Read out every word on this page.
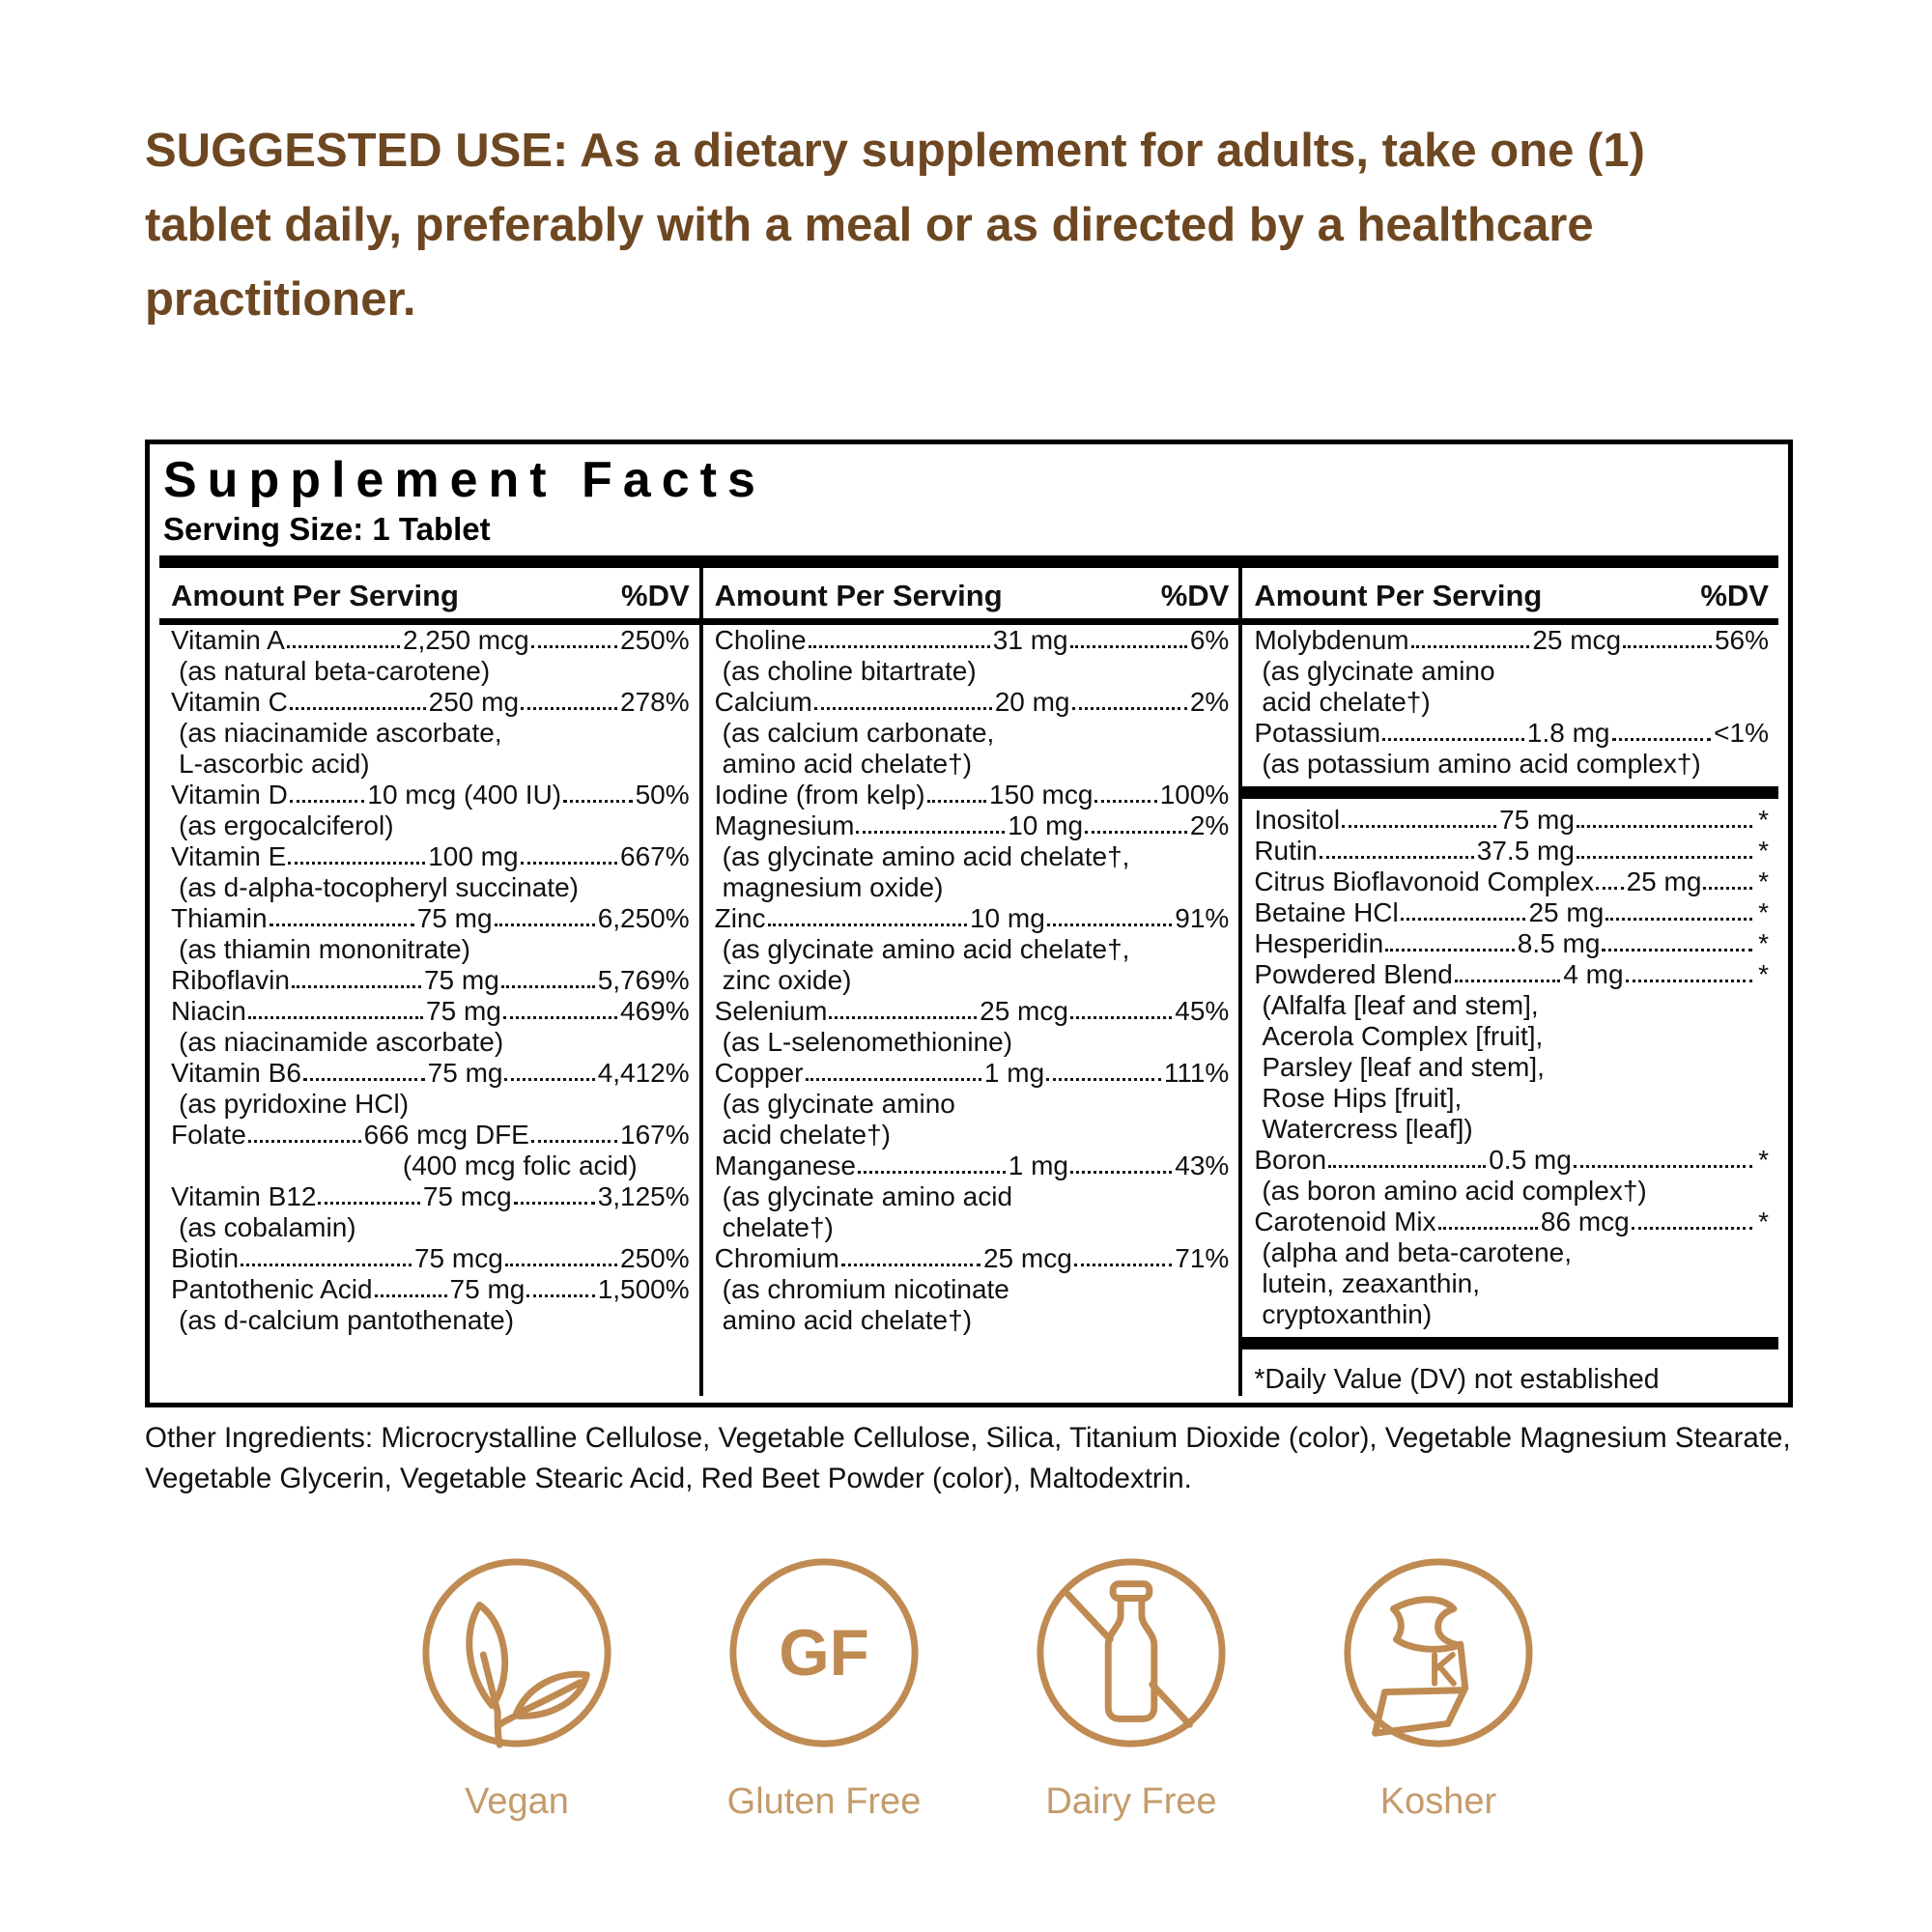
SUGGESTED USE: As a dietary supplement for adults, take one (1) tablet daily, preferably with a meal or as directed by a healthcare practitioner.

Supplement Facts
Serving Size: 1 Tablet
Amount Per Serving	%DV
Vitamin A	2,250 mcg	250%
(as natural beta-carotene)
Vitamin C	250 mg	278%
(as niacinamide ascorbate,
L-ascorbic acid)
Vitamin D	10 mcg (400 IU)	50%
(as ergocalciferol)
Vitamin E	100 mg	667%
(as d-alpha-tocopheryl succinate)
Thiamin	75 mg	6,250%
(as thiamin mononitrate)
Riboflavin	75 mg	5,769%
Niacin	75 mg	469%
(as niacinamide ascorbate)
Vitamin B6	75 mg	4,412%
(as pyridoxine HCl)
Folate	666 mcg DFE	167%
(400 mcg folic acid)
Vitamin B12	75 mcg	3,125%
(as cobalamin)
Biotin	75 mcg	250%
Pantothenic Acid	75 mg	1,500%
(as d-calcium pantothenate)
Amount Per Serving	%DV
Choline	31 mg	6%
(as choline bitartrate)
Calcium	20 mg	2%
(as calcium carbonate,
amino acid chelate†)
Iodine (from kelp) 150 mcg 100%
Magnesium	10 mg	2%
(as glycinate amino acid chelate†,
magnesium oxide)
Zinc	10 mg	91%
(as glycinate amino acid chelate†,
zinc oxide)
Selenium	25 mcg	45%
(as L-selenomethionine)
Copper	1 mg	111%
(as glycinate amino
acid chelate†)
Manganese	1 mg	43%
(as glycinate amino acid
chelate†)
Chromium	25 mcg	71%
(as chromium nicotinate
amino acid chelate†)
Amount Per Serving	%DV
Molybdenum	25 mcg	56%
(as glycinate amino
acid chelate†)
Potassium	1.8 mg	<1%
(as potassium amino acid complex†)
Inositol	75 mg	*
Rutin	37.5 mg	*
Citrus Bioflavonoid Complex 25 mg *
Betaine HCl	25 mg	*
Hesperidin	8.5 mg	*
Powdered Blend	4 mg	*
(Alfalfa [leaf and stem],
Acerola Complex [fruit],
Parsley [leaf and stem],
Rose Hips [fruit],
Watercress [leaf])
Boron	0.5 mg	*
(as boron amino acid complex†)
Carotenoid Mix	86 mcg	*
(alpha and beta-carotene,
lutein, zeaxanthin,
cryptoxanthin)
*Daily Value (DV) not established

Other Ingredients: Microcrystalline Cellulose, Vegetable Cellulose, Silica, Titanium Dioxide (color), Vegetable Magnesium Stearate, Vegetable Glycerin, Vegetable Stearic Acid, Red Beet Powder (color), Maltodextrin.

Vegan
GF
Gluten Free	Dairy Free	Kosher
